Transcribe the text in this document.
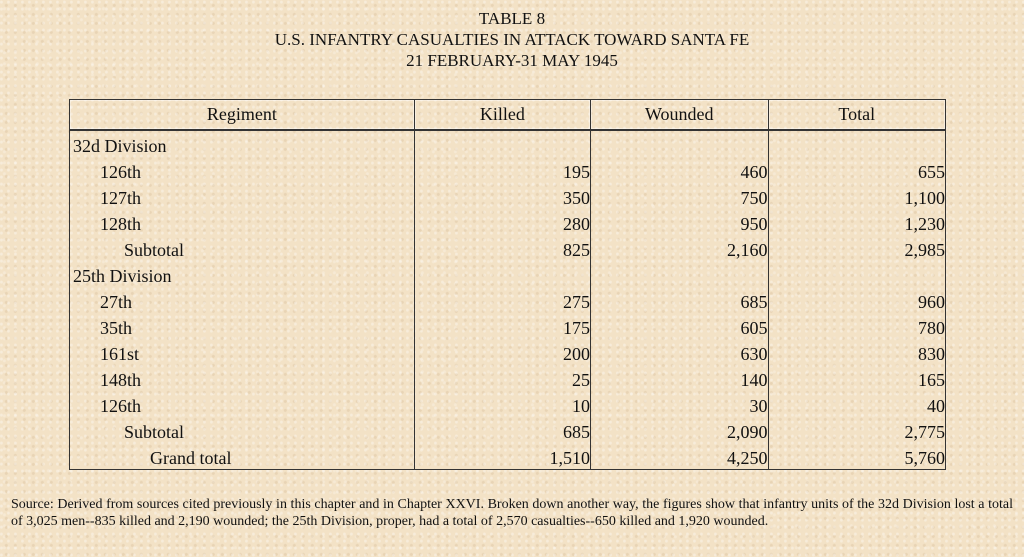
TABLE 8
U.S. INFANTRY CASUALTIES IN ATTACK TOWARD SANTA FE
21 FEBRUARY-31 MAY 1945
Regiment	Killed	Wounded	Total
32d Division			
126th	195	460	655
127th	350	750	1,100
128th	280	950	1,230
Subtotal	825	2,160	2,985
25th Division			
27th	275	685	960
35th	175	605	780
161st	200	630	830
148th	25	140	165
126th	10	30	40
Subtotal	685	2,090	2,775
Grand total	1,510	4,250	5,760
Source: Derived from sources cited previously in this chapter and in Chapter XXVI. Broken down another way, the figures show that infantry units of the 32d Division lost a total of 3,025 men--835 killed and 2,190 wounded; the 25th Division, proper, had a total of 2,570 casualties--650 killed and 1,920 wounded.
